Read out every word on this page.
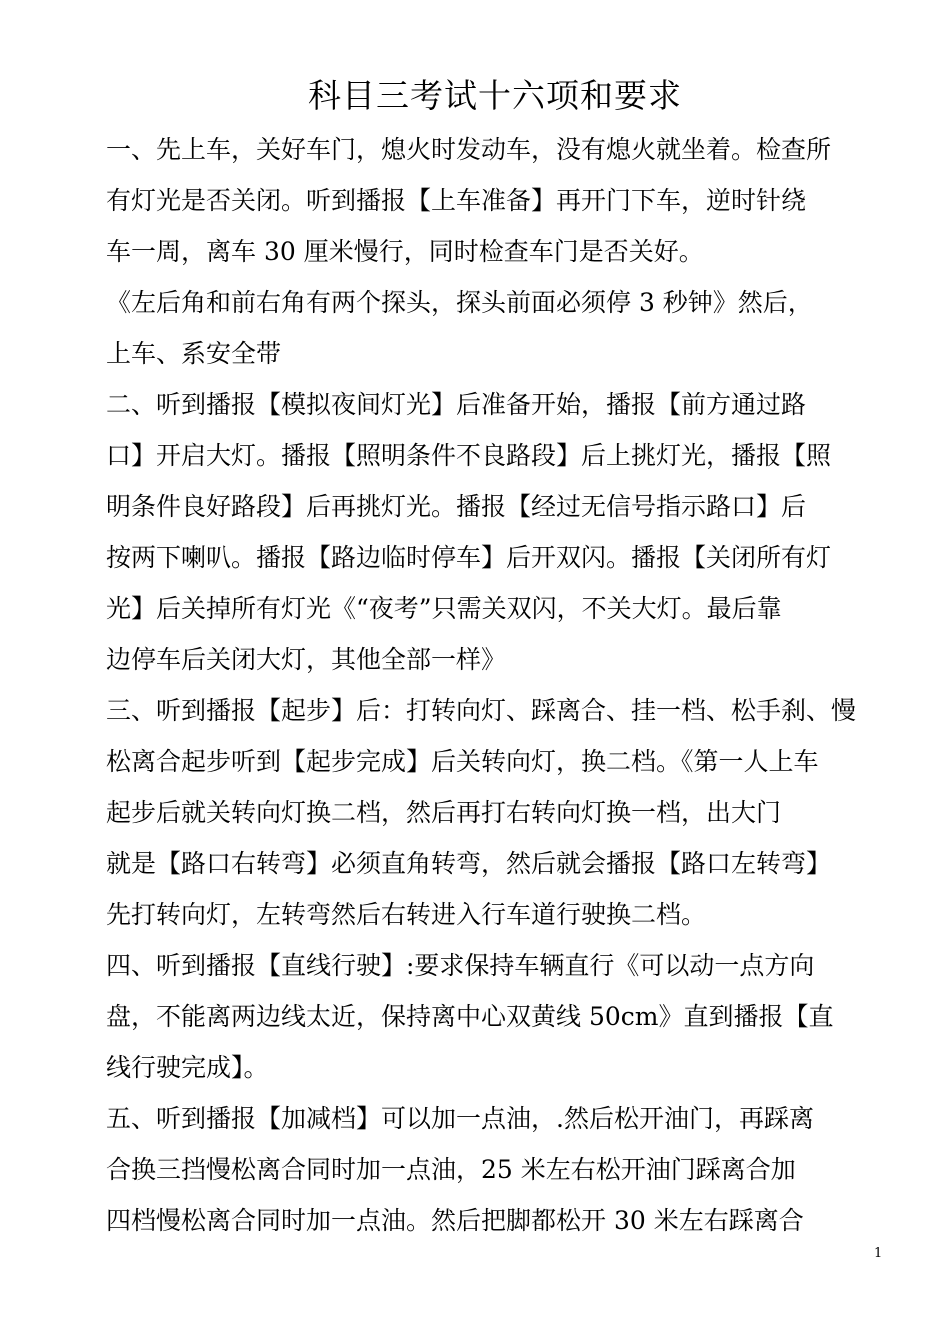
科目三考试十六项和要求
一、先上车，关好车门，熄火时发动车，没有熄火就坐着。检查所
有灯光是否关闭。听到播报【上车准备】再开门下车，逆时针绕
车一周，离车 30 厘米慢行，同时检查车门是否关好。
《左后角和前右角有两个探头，探头前面必须停 3 秒钟》然后，
上车、系安全带
二、听到播报【模拟夜间灯光】后准备开始，播报【前方通过路
口】开启大灯。播报【照明条件不良路段】后上挑灯光，播报【照
明条件良好路段】后再挑灯光。播报【经过无信号指示路口】后
按两下喇叭。播报【路边临时停车】后开双闪。播报【关闭所有灯
光】后关掉所有灯光《“夜考”只需关双闪，不关大灯。最后靠
边停车后关闭大灯，其他全部一样》
三、听到播报【起步】后：打转向灯、踩离合、挂一档、松手刹、慢
松离合起步听到【起步完成】后关转向灯，换二档。《第一人上车
起步后就关转向灯换二档，然后再打右转向灯换一档，出大门
就是【路口右转弯】必须直角转弯，然后就会播报【路口左转弯】
先打转向灯，左转弯然后右转进入行车道行驶换二档。
四、听到播报【直线行驶】:要求保持车辆直行《可以动一点方向
盘，不能离两边线太近，保持离中心双黄线 50cm》直到播报【直
线行驶完成】。
五、听到播报【加减档】可以加一点油，.然后松开油门，再踩离
合换三挡慢松离合同时加一点油，25 米左右松开油门踩离合加
四档慢松离合同时加一点油。然后把脚都松开 30 米左右踩离合
1
